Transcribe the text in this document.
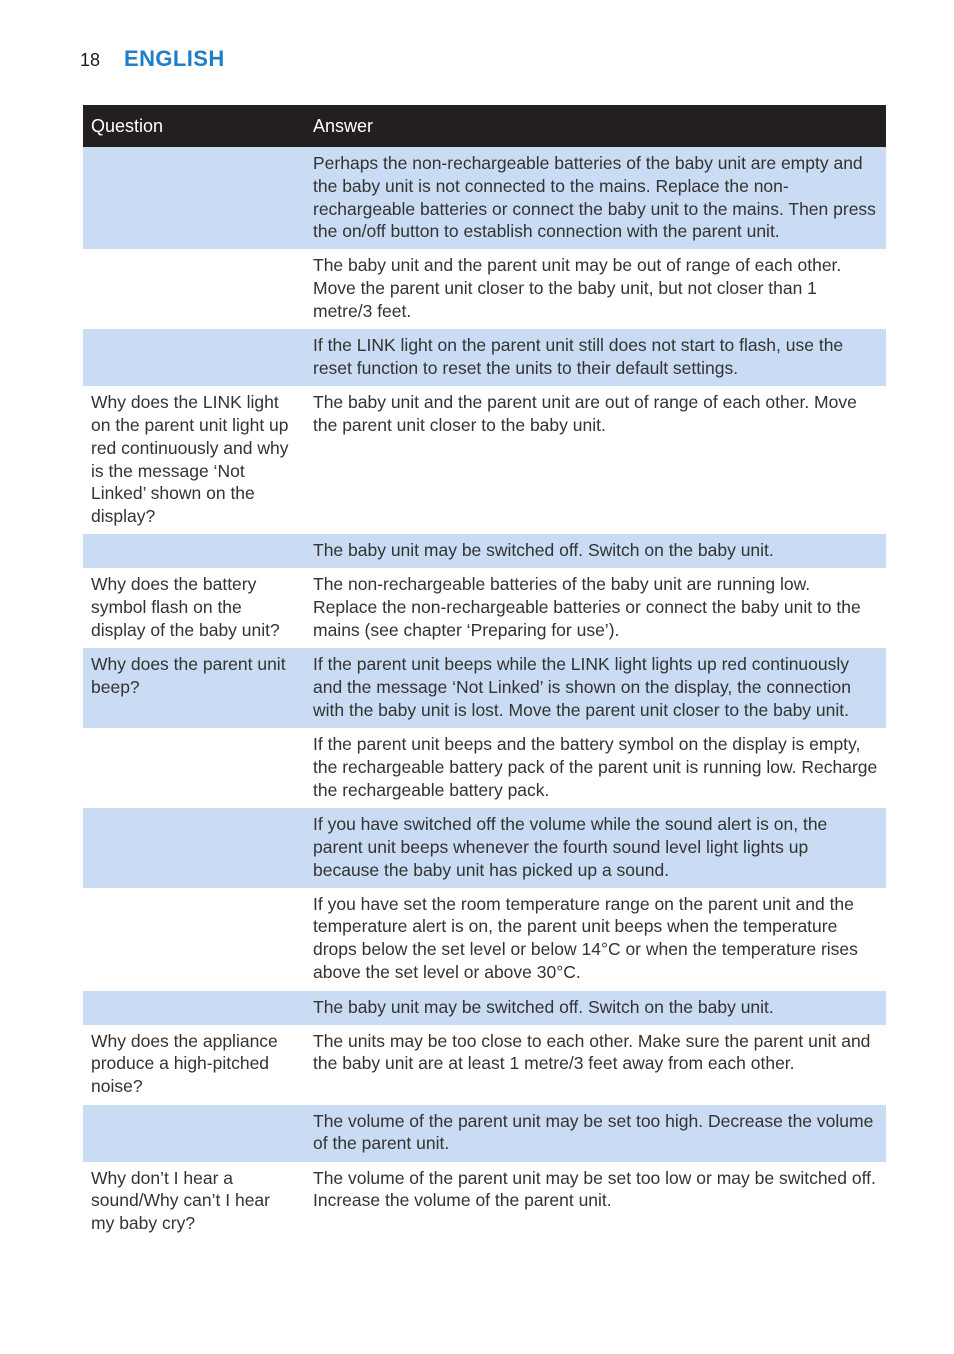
18 ENGLISH
Question	Answer
	Perhaps the non-rechargeable batteries of the baby unit are empty and the baby unit is not connected to the mains. Replace the non-rechargeable batteries or connect the baby unit to the mains. Then press the on/off button to establish connection with the parent unit.
	The baby unit and the parent unit may be out of range of each other. Move the parent unit closer to the baby unit, but not closer than 1 metre/3 feet.
	If the LINK light on the parent unit still does not start to flash, use the reset function to reset the units to their default settings.
Why does the LINK light on the parent unit light up red continuously and why is the message ‘Not Linked’ shown on the display?	The baby unit and the parent unit are out of range of each other. Move the parent unit closer to the baby unit.
	The baby unit may be switched off. Switch on the baby unit.
Why does the battery symbol flash on the display of the baby unit?	The non-rechargeable batteries of the baby unit are running low. Replace the non-rechargeable batteries or connect the baby unit to the mains (see chapter ‘Preparing for use’).
Why does the parent unit beep?	If the parent unit beeps while the LINK light lights up red continuously and the message ‘Not Linked’ is shown on the display, the connection with the baby unit is lost. Move the parent unit closer to the baby unit.
	If the parent unit beeps and the battery symbol on the display is empty, the rechargeable battery pack of the parent unit is running low. Recharge the rechargeable battery pack.
	If you have switched off the volume while the sound alert is on, the parent unit beeps whenever the fourth sound level light lights up because the baby unit has picked up a sound.
	If you have set the room temperature range on the parent unit and the temperature alert is on, the parent unit beeps when the temperature drops below the set level or below 14°C or when the temperature rises above the set level or above 30°C.
	The baby unit may be switched off. Switch on the baby unit.
Why does the appliance produce a high-pitched noise?	The units may be too close to each other. Make sure the parent unit and the baby unit are at least 1 metre/3 feet away from each other.
	The volume of the parent unit may be set too high. Decrease the volume of the parent unit.
Why don’t I hear a sound/Why can’t I hear my baby cry?	The volume of the parent unit may be set too low or may be switched off. Increase the volume of the parent unit.
